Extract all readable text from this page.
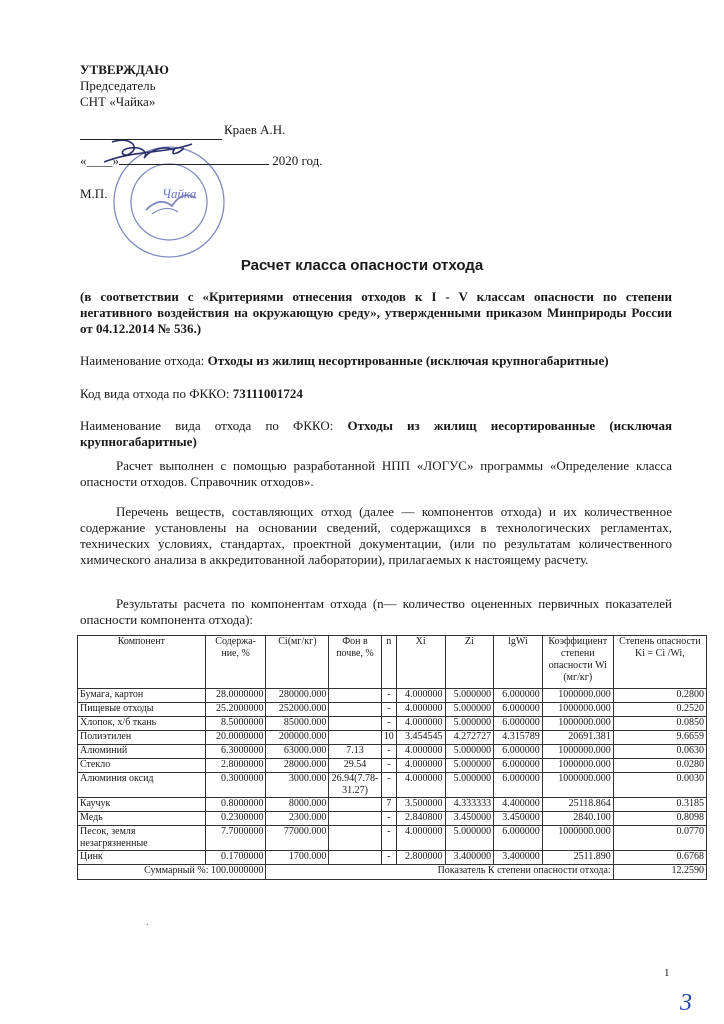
УТВЕРЖДАЮ
Председатель
СНТ «Чайка»
Чайка
Краев А.Н.
«____»	2020 год.
М.П.
Расчет класса опасности отхода
(в соответствии с «Критериями отнесения отходов к I - V классам опасности по степени негативного воздействия на окружающую среду», утвержденными приказом Минприроды России от 04.12.2014 № 536.)
Наименование отхода: Отходы из жилищ несортированные (исключая крупногабаритные)
Код вида отхода по ФККО: 73111001724
Наименование вида отхода по ФККО: Отходы из жилищ несортированные (исключая крупногабаритные)
Расчет выполнен с помощью разработанной НПП «ЛОГУС» программы «Определение класса опасности отходов. Справочник отходов».
Перечень веществ, составляющих отход (далее — компонентов отхода) и их количественное содержание установлены на основании сведений, содержащихся в технологических регламентах, технических условиях, стандартах, проектной документации, (или по результатам количественного химического анализа в аккредитованной лаборатории), прилагаемых к настоящему расчету.
Результаты расчета по компонентам отхода (n— количество оцененных первичных показателей опасности компонента отхода):
Компонент	Содержа-ние, %	Ci(мг/кг)	Фон в почве, %	n	Xi	Zi	lgWi	Коэффициент степени опасности Wi (мг/кг)	Степень опасности Ki = Ci /Wi,
Бумага, картон	28.0000000	280000.000		-	4.000000	5.000000	6.000000	1000000.000	0.2800
Пищевые отходы	25.2000000	252000.000		-	4.000000	5.000000	6.000000	1000000.000	0.2520
Хлопок, х/б ткань	8.5000000	85000.000		-	4.000000	5.000000	6.000000	1000000.000	0.0850
Полиэтилен	20.0000000	200000.000		10	3.454545	4.272727	4.315789	20691.381	9.6659
Алюминий	6.3000000	63000.000	7.13	-	4.000000	5.000000	6.000000	1000000.000	0.0630
Стекло	2.8000000	28000.000	29.54	-	4.000000	5.000000	6.000000	1000000.000	0.0280
Алюминия оксид	0.3000000	3000.000	26.94(7.78-31.27)	-	4.000000	5.000000	6.000000	1000000.000	0.0030
Каучук	0.8000000	8000.000		7	3.500000	4.333333	4.400000	25118.864	0.3185
Медь	0.2300000	2300.000		-	2.840800	3.450000	3.450000	2840.100	0.8098
Песок, земля незагрязненные	7.7000000	77000.000		-	4.000000	5.000000	6.000000	1000000.000	0.0770
Цинк	0.1700000	1700.000		-	2.800000	3.400000	3.400000	2511.890	0.6768
Суммарный %: 100.0000000		Показатель К степени опасности отхода:							12.2590
.
1
3
